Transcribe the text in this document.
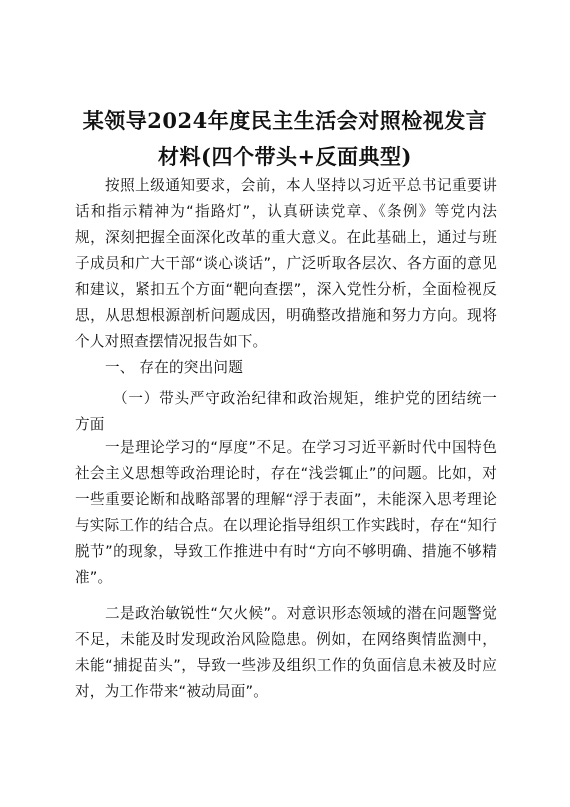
某领导2024年度民主生活会对照检视发言
材料(四个带头+反面典型)

按照上级通知要求，会前，本人坚持以习近平总书记重要讲话和指示精神为“指路灯”，认真研读党章、《条例》等党内法规，深刻把握全面深化改革的重大意义。在此基础上，通过与班子成员和广大干部“谈心谈话”，广泛听取各层次、各方面的意见和建议，紧扣五个方面“靶向查摆”，深入党性分析，全面检视反思，从思想根源剖析问题成因，明确整改措施和努力方向。现将个人对照查摆情况报告如下。

一、 存在的突出问题

（一）带头严守政治纪律和政治规矩，维护党的团结统一方面

一是理论学习的“厚度”不足。在学习习近平新时代中国特色社会主义思想等政治理论时，存在“浅尝辄止”的问题。比如，对一些重要论断和战略部署的理解“浮于表面”，未能深入思考理论与实际工作的结合点。在以理论指导组织工作实践时，存在“知行脱节”的现象，导致工作推进中有时“方向不够明确、措施不够精准”。

二是政治敏锐性“欠火候”。对意识形态领域的潜在问题警觉不足，未能及时发现政治风险隐患。例如，在网络舆情监测中，未能“捕捉苗头”，导致一些涉及组织工作的负面信息未被及时应对，为工作带来“被动局面”。
